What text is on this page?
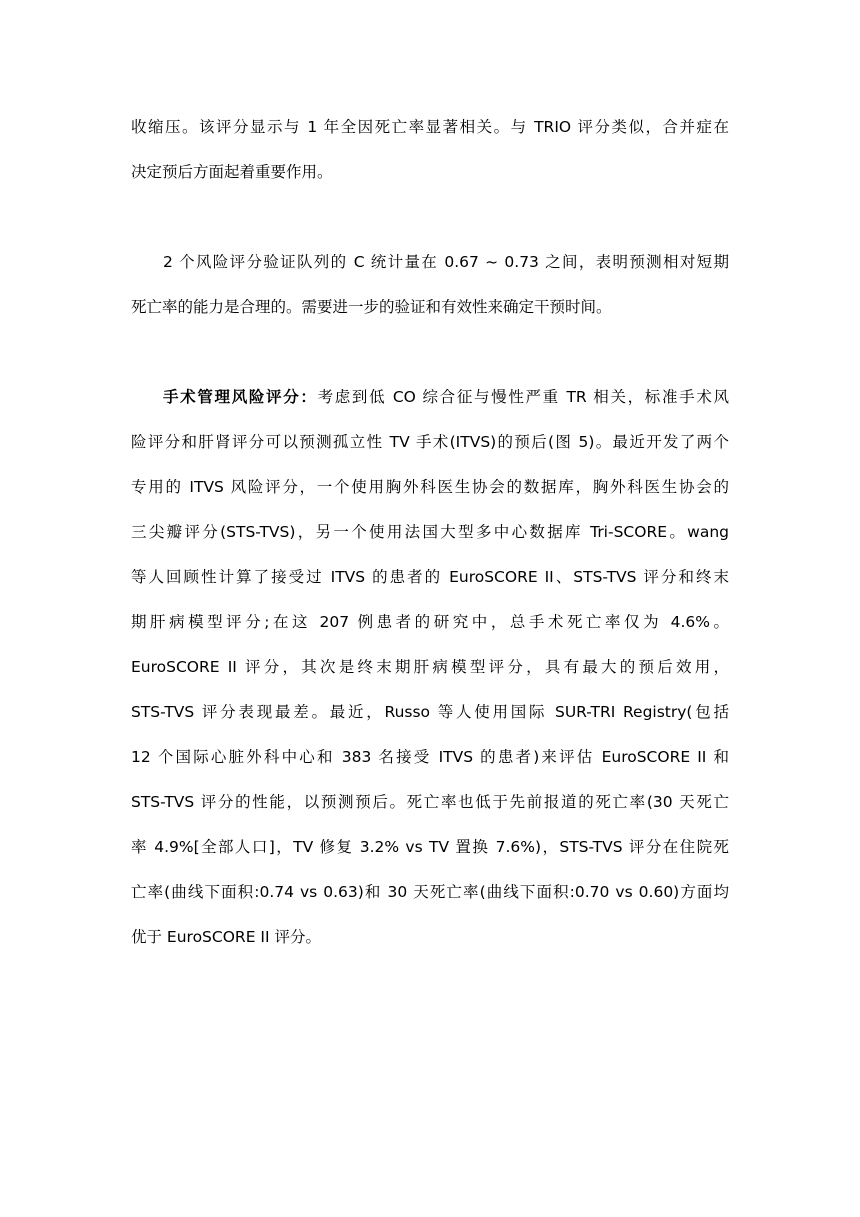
收缩压。该评分显示与 1 年全因死亡率显著相关。与 TRIO 评分类似，合并症在
决定预后方面起着重要作用。
2 个风险评分验证队列的 C 统计量在 0.67 ~ 0.73 之间，表明预测相对短期
死亡率的能力是合理的。需要进一步的验证和有效性来确定干预时间。
手术管理风险评分：考虑到低 CO 综合征与慢性严重 TR 相关，标准手术风
险评分和肝肾评分可以预测孤立性 TV 手术(ITVS)的预后(图 5)。最近开发了两个
专用的 ITVS 风险评分，一个使用胸外科医生协会的数据库，胸外科医生协会的
三尖瓣评分(STS-TVS)，另一个使用法国大型多中心数据库 Tri-SCORE。wang
等人回顾性计算了接受过 ITVS 的患者的 EuroSCORE II、STS-TVS 评分和终末
期肝病模型评分;在这 207 例患者的研究中，总手术死亡率仅为 4.6%。
EuroSCORE II 评分，其次是终末期肝病模型评分，具有最大的预后效用，
STS-TVS 评分表现最差。最近，Russo 等人使用国际 SUR-TRI Registry(包括
12 个国际心脏外科中心和 383 名接受 ITVS 的患者)来评估 EuroSCORE II 和
STS-TVS 评分的性能，以预测预后。死亡率也低于先前报道的死亡率(30 天死亡
率 4.9%[全部人口]，TV 修复 3.2% vs TV 置换 7.6%)，STS-TVS 评分在住院死
亡率(曲线下面积:0.74 vs 0.63)和 30 天死亡率(曲线下面积:0.70 vs 0.60)方面均
优于 EuroSCORE II 评分。
